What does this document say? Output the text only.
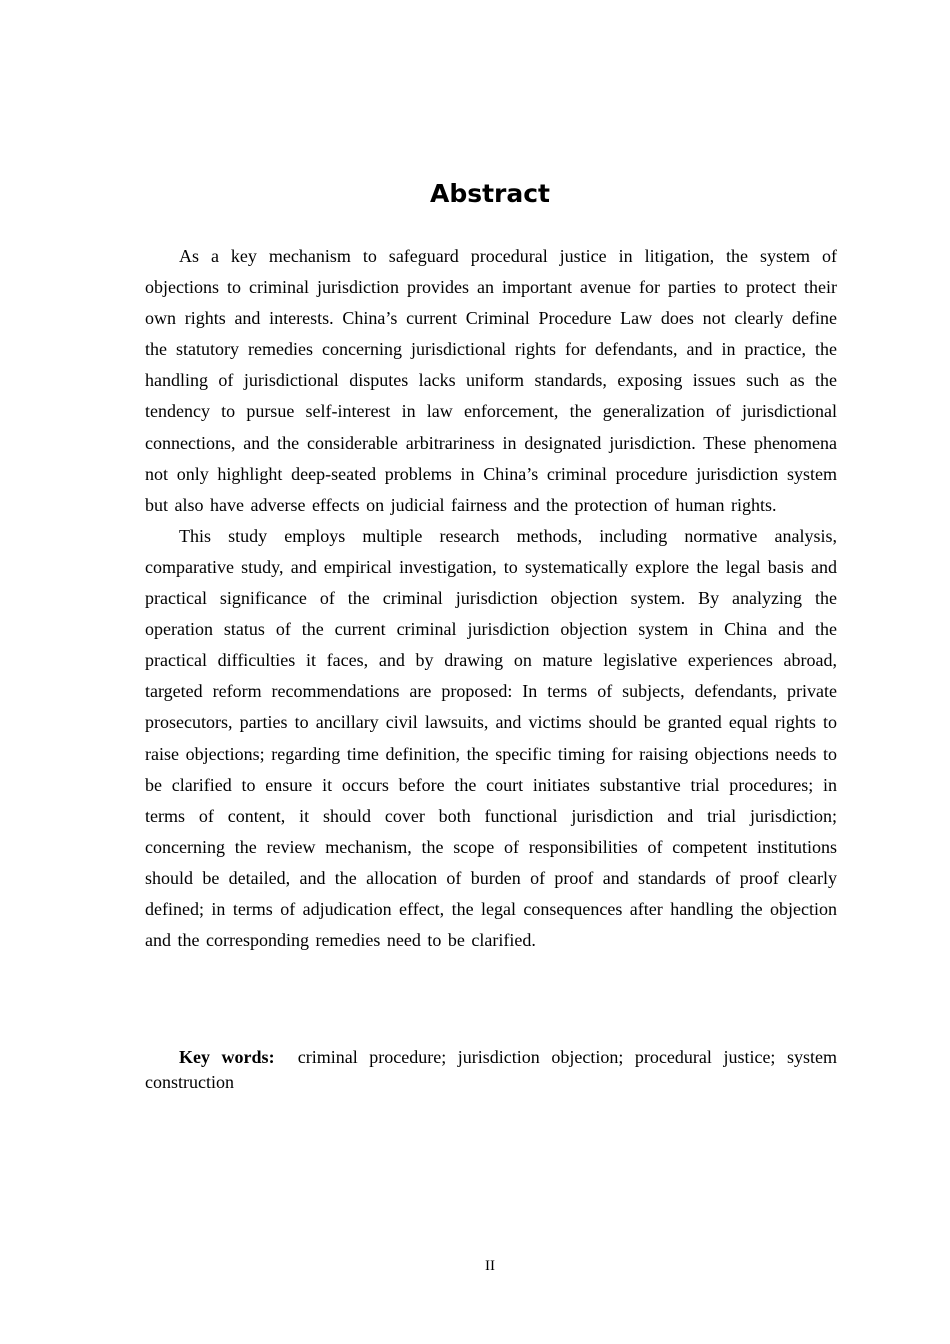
Abstract

As a key mechanism to safeguard procedural justice in litigation, the system of objections to criminal jurisdiction provides an important avenue for parties to protect their own rights and interests. China’s current Criminal Procedure Law does not clearly define the statutory remedies concerning jurisdictional rights for defendants, and in practice, the handling of jurisdictional disputes lacks uniform standards, exposing issues such as the tendency to pursue self-interest in law enforcement, the generalization of jurisdictional connections, and the considerable arbitrariness in designated jurisdiction. These phenomena not only highlight deep-seated problems in China’s criminal procedure jurisdiction system but also have adverse effects on judicial fairness and the protection of human rights.

This study employs multiple research methods, including normative analysis, comparative study, and empirical investigation, to systematically explore the legal basis and practical significance of the criminal jurisdiction objection system. By analyzing the operation status of the current criminal jurisdiction objection system in China and the practical difficulties it faces, and by drawing on mature legislative experiences abroad, targeted reform recommendations are proposed: In terms of subjects, defendants, private prosecutors, parties to ancillary civil lawsuits, and victims should be granted equal rights to raise objections; regarding time definition, the specific timing for raising objections needs to be clarified to ensure it occurs before the court initiates substantive trial procedures; in terms of content, it should cover both functional jurisdiction and trial jurisdiction; concerning the review mechanism, the scope of responsibilities of competent institutions should be detailed, and the allocation of burden of proof and standards of proof clearly defined; in terms of adjudication effect, the legal consequences after handling the objection and the corresponding remedies need to be clarified.

Key words: criminal procedure; jurisdiction objection; procedural justice; system construction

II
